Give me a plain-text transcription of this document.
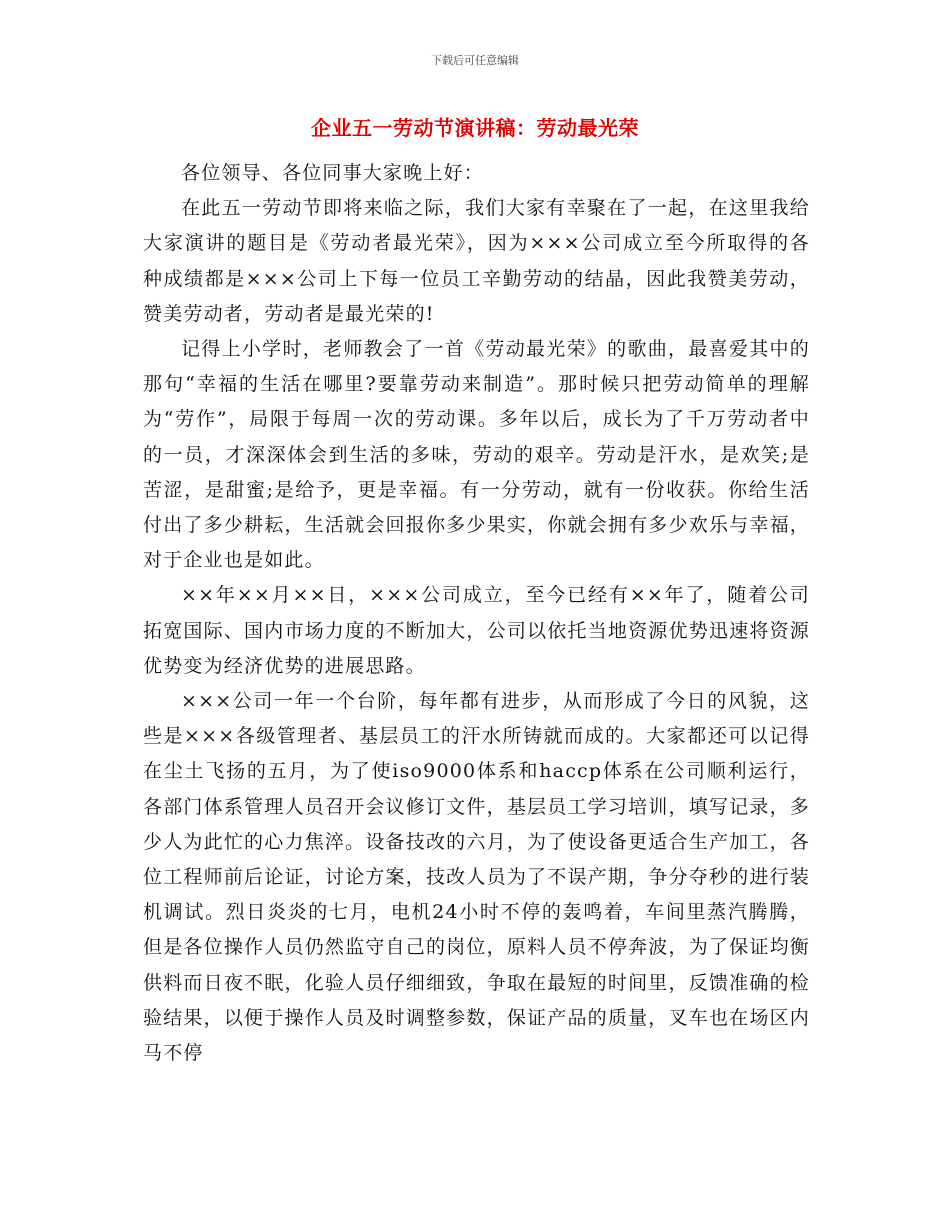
下载后可任意编辑
企业五一劳动节演讲稿：劳动最光荣

各位领导、各位同事大家晚上好：

在此五一劳动节即将来临之际，我们大家有幸聚在了一起，在这里我给大家演讲的题目是《劳动者最光荣》，因为×××公司成立至今所取得的各种成绩都是×××公司上下每一位员工辛勤劳动的结晶，因此我赞美劳动，赞美劳动者，劳动者是最光荣的!

记得上小学时，老师教会了一首《劳动最光荣》的歌曲，最喜爱其中的那句“幸福的生活在哪里?要靠劳动来制造”。那时候只把劳动简单的理解为“劳作”，局限于每周一次的劳动课。多年以后，成长为了千万劳动者中的一员，才深深体会到生活的多味，劳动的艰辛。劳动是汗水，是欢笑;是苦涩，是甜蜜;是给予，更是幸福。有一分劳动，就有一份收获。你给生活付出了多少耕耘，生活就会回报你多少果实，你就会拥有多少欢乐与幸福，对于企业也是如此。

××年××月××日，×××公司成立，至今已经有××年了，随着公司拓宽国际、国内市场力度的不断加大，公司以依托当地资源优势迅速将资源优势变为经济优势的进展思路。

×××公司一年一个台阶，每年都有进步，从而形成了今日的风貌，这些是×××各级管理者、基层员工的汗水所铸就而成的。大家都还可以记得在尘土飞扬的五月，为了使iso9000体系和haccp体系在公司顺利运行，各部门体系管理人员召开会议修订文件，基层员工学习培训，填写记录，多少人为此忙的心力焦淬。设备技改的六月，为了使设备更适合生产加工，各位工程师前后论证，讨论方案，技改人员为了不误产期，争分夺秒的进行装机调试。烈日炎炎的七月，电机24小时不停的轰鸣着，车间里蒸汽腾腾，但是各位操作人员仍然监守自己的岗位，原料人员不停奔波，为了保证均衡供料而日夜不眠，化验人员仔细细致，争取在最短的时间里，反馈准确的检验结果，以便于操作人员及时调整参数，保证产品的质量，叉车也在场区内马不停
